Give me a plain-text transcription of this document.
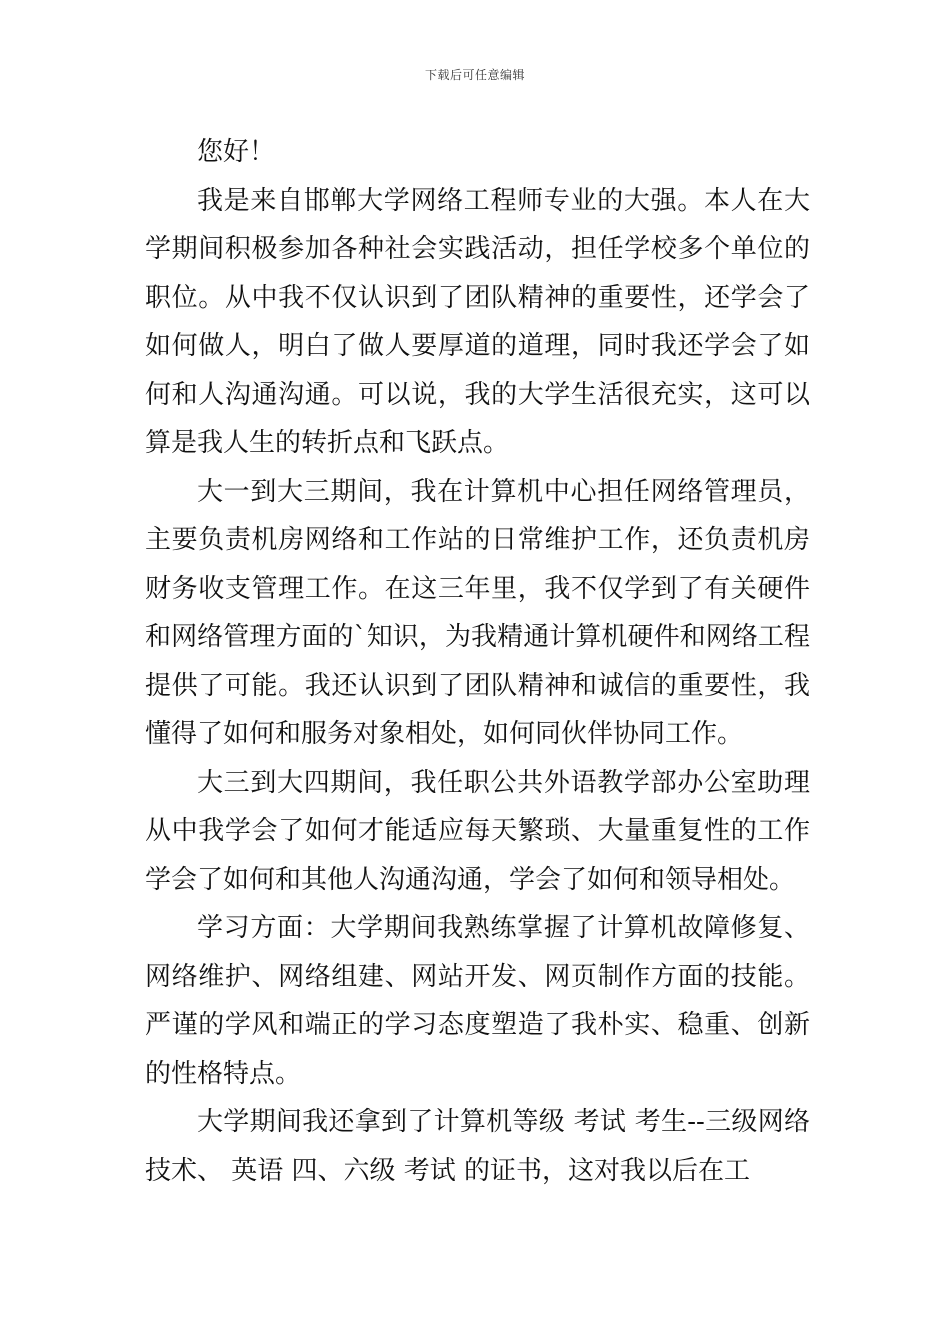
下载后可任意编辑

您好！

我是来自邯郸大学网络工程师专业的大强。本人在大学期间积极参加各种社会实践活动，担任学校多个单位的职位。从中我不仅认识到了团队精神的重要性，还学会了如何做人，明白了做人要厚道的道理，同时我还学会了如何和人沟通沟通。可以说，我的大学生活很充实，这可以算是我人生的转折点和飞跃点。

大一到大三期间，我在计算机中心担任网络管理员，主要负责机房网络和工作站的日常维护工作，还负责机房财务收支管理工作。在这三年里，我不仅学到了有关硬件和网络管理方面的`知识，为我精通计算机硬件和网络工程提供了可能。我还认识到了团队精神和诚信的重要性，我懂得了如何和服务对象相处，如何同伙伴协同工作。

大三到大四期间，我任职公共外语教学部办公室助理从中我学会了如何才能适应每天繁琐、大量重复性的工作学会了如何和其他人沟通沟通，学会了如何和领导相处。

学习方面：大学期间我熟练掌握了计算机故障修复、网络维护、网络组建、网站开发、网页制作方面的技能。严谨的学风和端正的学习态度塑造了我朴实、稳重、创新的性格特点。

大学期间我还拿到了计算机等级 考试 考生--三级网络技术、 英语 四、六级 考试 的证书，这对我以后在工
